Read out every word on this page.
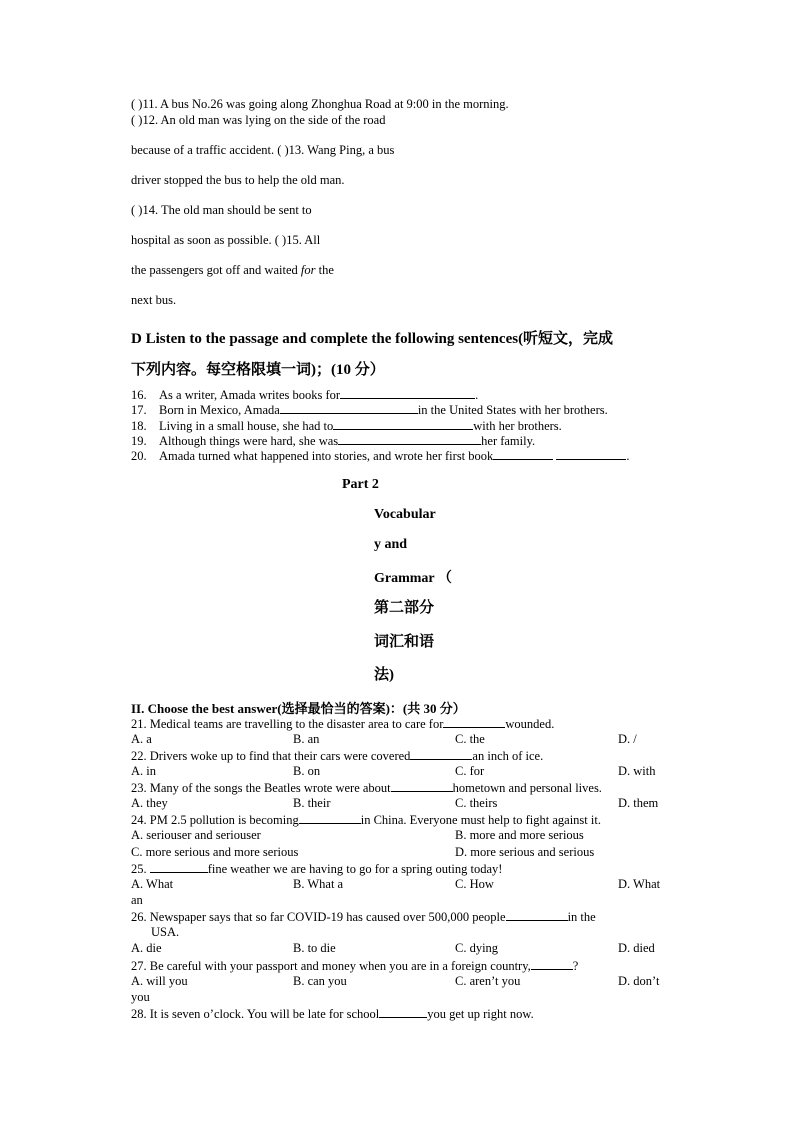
( )11. A bus No.26 was going along Zhonghua Road at 9:00 in the morning.
( )12. An old man was lying on the side of the road
because of a traffic accident. ( )13. Wang Ping, a bus
driver stopped the bus to help the old man.
( )14. The old man should be sent to
hospital as soon as possible. ( )15. All
the passengers got off and waited for the
next bus.
D Listen to the passage and complete the following sentences(听短文，完成
下列内容。每空格限填一词)；(10 分）
16. As a writer, Amada writes books for	.
17. Born in Mexico, Amada	in the United States with her brothers.
18. Living in a small house, she had to	with her brothers.
19. Although things were hard, she was	her family.
20. Amada turned what happened into stories, and wrote her first book	.
Part 2
Vocabular
y and
Grammar （
第二部分
词汇和语
法)
II. Choose the best answer(选择最恰当的答案)：(共 30 分）
21. Medical teams are travelling to the disaster area to care for	wounded.
A. a	B. an	C. the	D. /
22. Drivers woke up to find that their cars were covered	an inch of ice.
A. in	B. on	C. for	D. with
23. Many of the songs the Beatles wrote were about	hometown and personal lives.
A. they	B. their	C. theirs	D. them
24. PM 2.5 pollution is becoming	in China. Everyone must help to fight against it.
A. seriouser and seriouser	B. more and more serious
C. more serious and more serious	D. more serious and serious
25.	fine weather we are having to go for a spring outing today!
A. What	B. What a	C. How	D. What
an
26. Newspaper says that so far COVID-19 has caused over 500,000 people	in the
USA.
A. die	B. to die	C. dying	D. died
27. Be careful with your passport and money when you are in a foreign country,	?
A. will you	B. can you	C. aren’t you	D. don’t
you
28. It is seven o’clock. You will be late for school	you get up right now.
